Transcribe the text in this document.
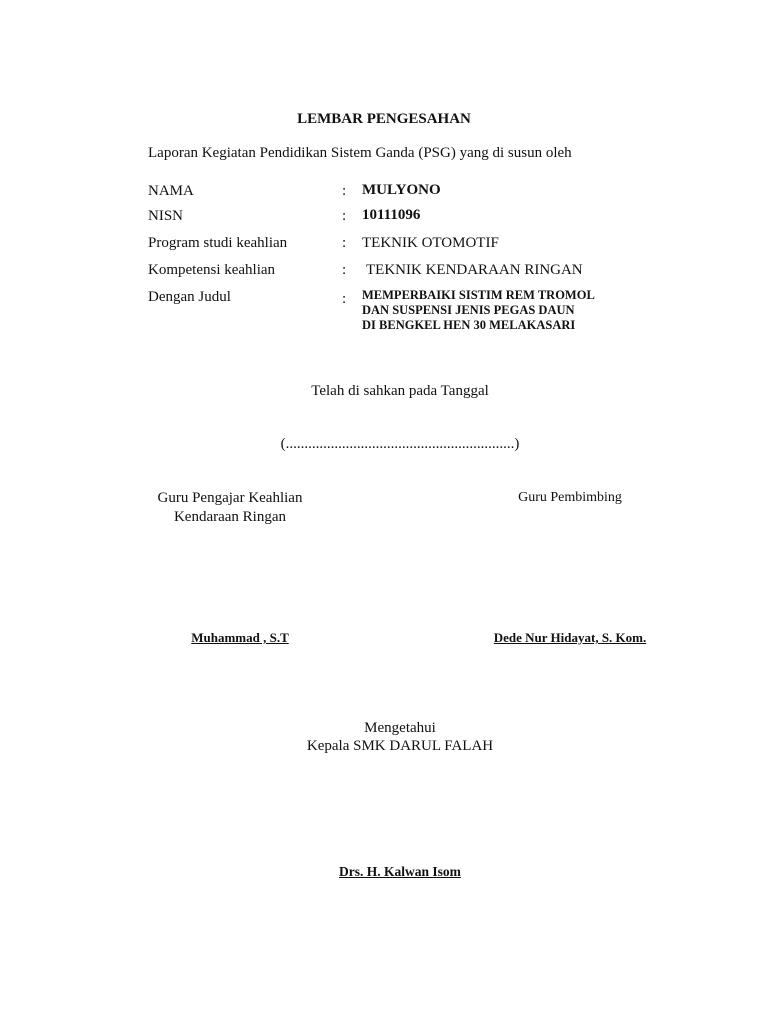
LEMBAR PENGESAHAN
Laporan Kegiatan Pendidikan Sistem Ganda (PSG) yang di susun oleh
NAMA	: MULYONO
NISN	: 10111096
Program studi keahlian	: TEKNIK OTOMOTIF
Kompetensi keahlian	: TEKNIK KENDARAAN RINGAN
Dengan Judul	: MEMPERBAIKI SISTIM REM TROMOL
DAN SUSPENSI JENIS PEGAS DAUN
DI BENGKEL HEN 30 MELAKASARI
Telah di sahkan pada Tanggal
(.............................................................)
Guru Pengajar Keahlian
Kendaraan Ringan
Guru Pembimbing
Muhammad , S.T	Dede Nur Hidayat, S. Kom.
Mengetahui
Kepala SMK DARUL FALAH
Drs. H. Kalwan Isom
